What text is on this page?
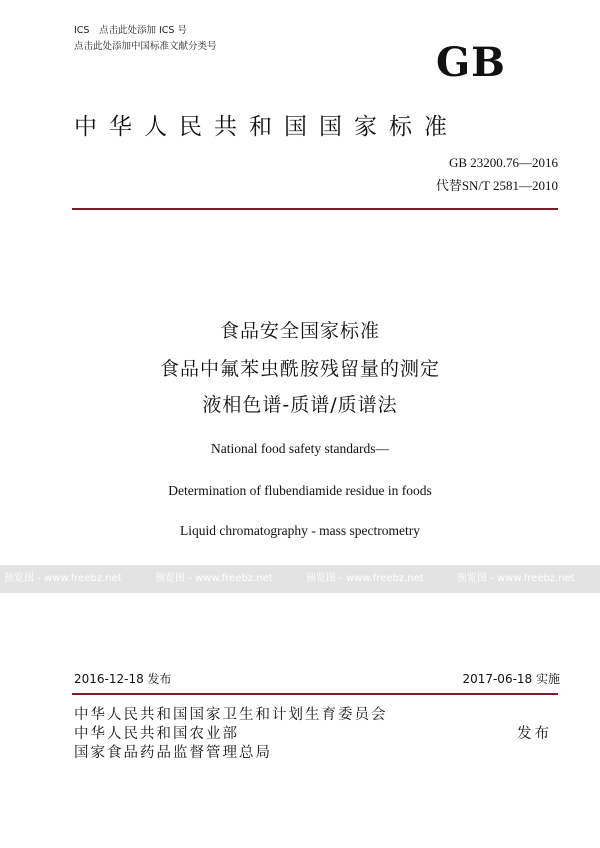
ICS　点击此处添加 ICS 号
点击此处添加中国标准文献分类号	GB
中华人民共和国国家标准
GB 23200.76—2016
代替SN/T 2581—2010
食品安全国家标准
食品中氟苯虫酰胺残留量的测定
液相色谱-质谱/质谱法
National food safety standards—
Determination of flubendiamide residue in foods
Liquid chromatography - mass spectrometry
预览图 - www.freebz.net	预览图 - www.freebz.net	预览图 - www.freebz.net	预览图 - www.freebz.net
2016-12-18 发布	2017-06-18 实施
中华人民共和国国家卫生和计划生育委员会
中华人民共和国农业部
国家食品药品监督管理总局
发布
